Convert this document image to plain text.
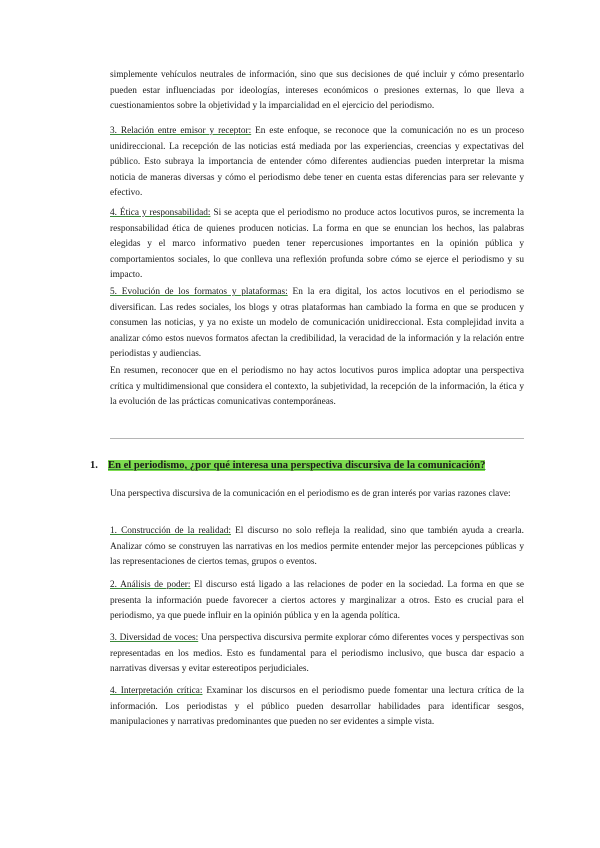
simplemente vehículos neutrales de información, sino que sus decisiones de qué incluir y cómo presentarlo pueden estar influenciadas por ideologías, intereses económicos o presiones externas, lo que lleva a cuestionamientos sobre la objetividad y la imparcialidad en el ejercicio del periodismo.

3. Relación entre emisor y receptor: En este enfoque, se reconoce que la comunicación no es un proceso unidireccional. La recepción de las noticias está mediada por las experiencias, creencias y expectativas del público. Esto subraya la importancia de entender cómo diferentes audiencias pueden interpretar la misma noticia de maneras diversas y cómo el periodismo debe tener en cuenta estas diferencias para ser relevante y efectivo.

4. Ética y responsabilidad: Si se acepta que el periodismo no produce actos locutivos puros, se incrementa la responsabilidad ética de quienes producen noticias. La forma en que se enuncian los hechos, las palabras elegidas y el marco informativo pueden tener repercusiones importantes en la opinión pública y comportamientos sociales, lo que conlleva una reflexión profunda sobre cómo se ejerce el periodismo y su impacto.

5. Evolución de los formatos y plataformas: En la era digital, los actos locutivos en el periodismo se diversifican. Las redes sociales, los blogs y otras plataformas han cambiado la forma en que se producen y consumen las noticias, y ya no existe un modelo de comunicación unidireccional. Esta complejidad invita a analizar cómo estos nuevos formatos afectan la credibilidad, la veracidad de la información y la relación entre periodistas y audiencias.

En resumen, reconocer que en el periodismo no hay actos locutivos puros implica adoptar una perspectiva crítica y multidimensional que considera el contexto, la subjetividad, la recepción de la información, la ética y la evolución de las prácticas comunicativas contemporáneas.

1. En el periodismo, ¿por qué interesa una perspectiva discursiva de la comunicación?

Una perspectiva discursiva de la comunicación en el periodismo es de gran interés por varias razones clave:

1. Construcción de la realidad: El discurso no solo refleja la realidad, sino que también ayuda a crearla. Analizar cómo se construyen las narrativas en los medios permite entender mejor las percepciones públicas y las representaciones de ciertos temas, grupos o eventos.

2. Análisis de poder: El discurso está ligado a las relaciones de poder en la sociedad. La forma en que se presenta la información puede favorecer a ciertos actores y marginalizar a otros. Esto es crucial para el periodismo, ya que puede influir en la opinión pública y en la agenda política.

3. Diversidad de voces: Una perspectiva discursiva permite explorar cómo diferentes voces y perspectivas son representadas en los medios. Esto es fundamental para el periodismo inclusivo, que busca dar espacio a narrativas diversas y evitar estereotipos perjudiciales.

4. Interpretación crítica: Examinar los discursos en el periodismo puede fomentar una lectura crítica de la información. Los periodistas y el público pueden desarrollar habilidades para identificar sesgos, manipulaciones y narrativas predominantes que pueden no ser evidentes a simple vista.
